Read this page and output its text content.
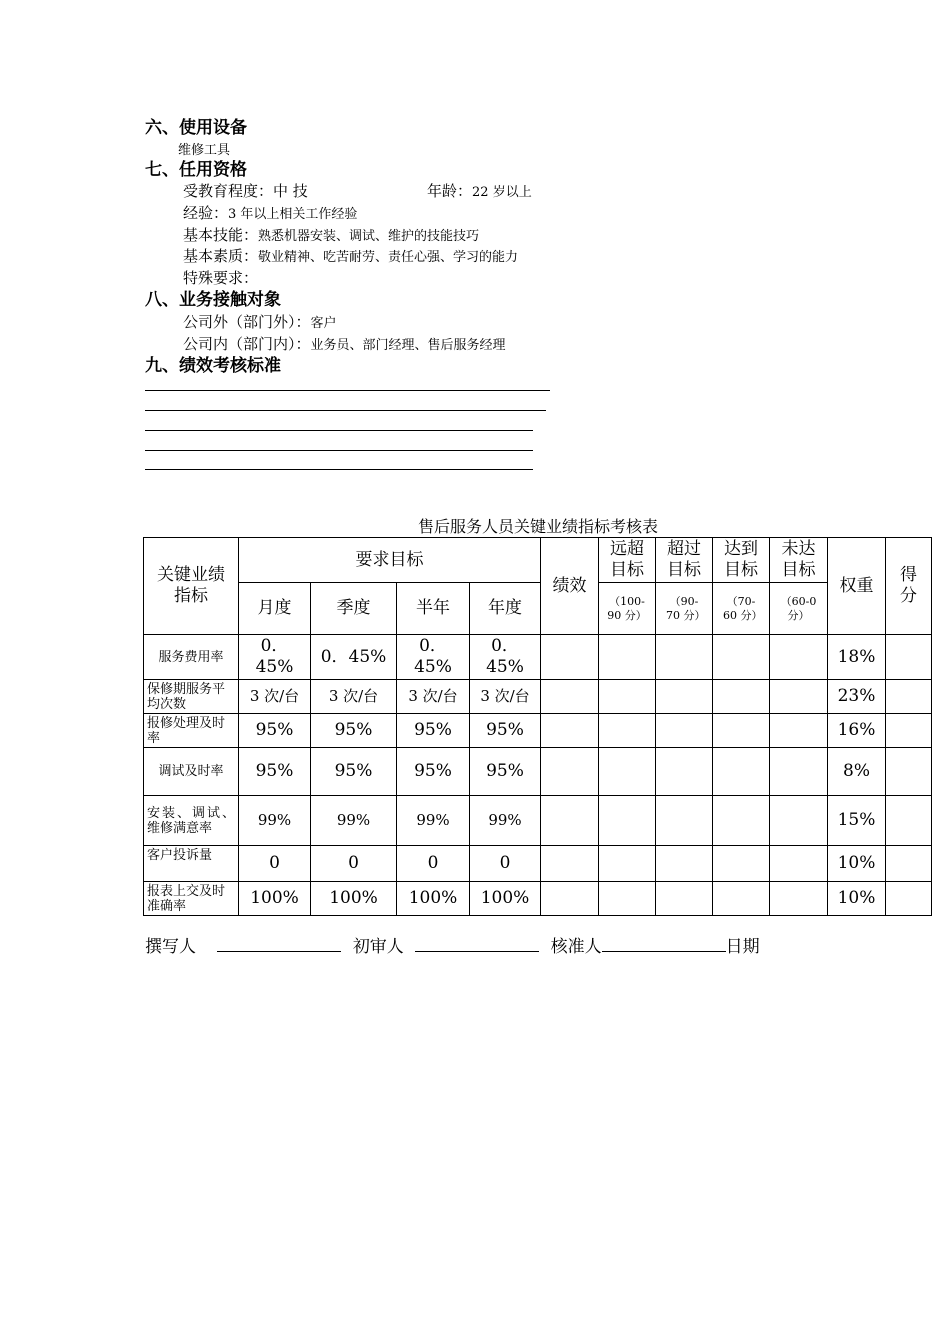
六、使用设备
维修工具
七、任用资格
受教育程度：中 技	年龄：22 岁以上
经验：3 年以上相关工作经验
基本技能：熟悉机器安装、调试、维护的技能技巧
基本素质：敬业精神、吃苦耐劳、责任心强、学习的能力
特殊要求：
八、业务接触对象
公司外（部门外）：客户
公司内（部门内）：业务员、部门经理、售后服务经理
九、绩效考核标准
售后服务人员关键业绩指标考核表
关键业绩指标	要求目标				绩效	远超目标	超过目标	达到目标	未达目标	权重	得分
	月度	季度	半年	年度		（100-90 分）	（90-70 分）	（70-60 分）	（60-0 分）		
服务费用率	0．45%	0．45%	0．45%	0．45%						18%	
保修期服务平均次数	3 次/台	3 次/台	3 次/台	3 次/台						23%	
报修处理及时率	95%	95%	95%	95%						16%	
调试及时率	95%	95%	95%	95%						8%	
安装、调试、维修满意率	99%	99%	99%	99%						15%	
客户投诉量	0	0	0	0						10%	
报表上交及时准确率	100%	100%	100%	100%						10%	
撰写人	初审人	核准人	日期
